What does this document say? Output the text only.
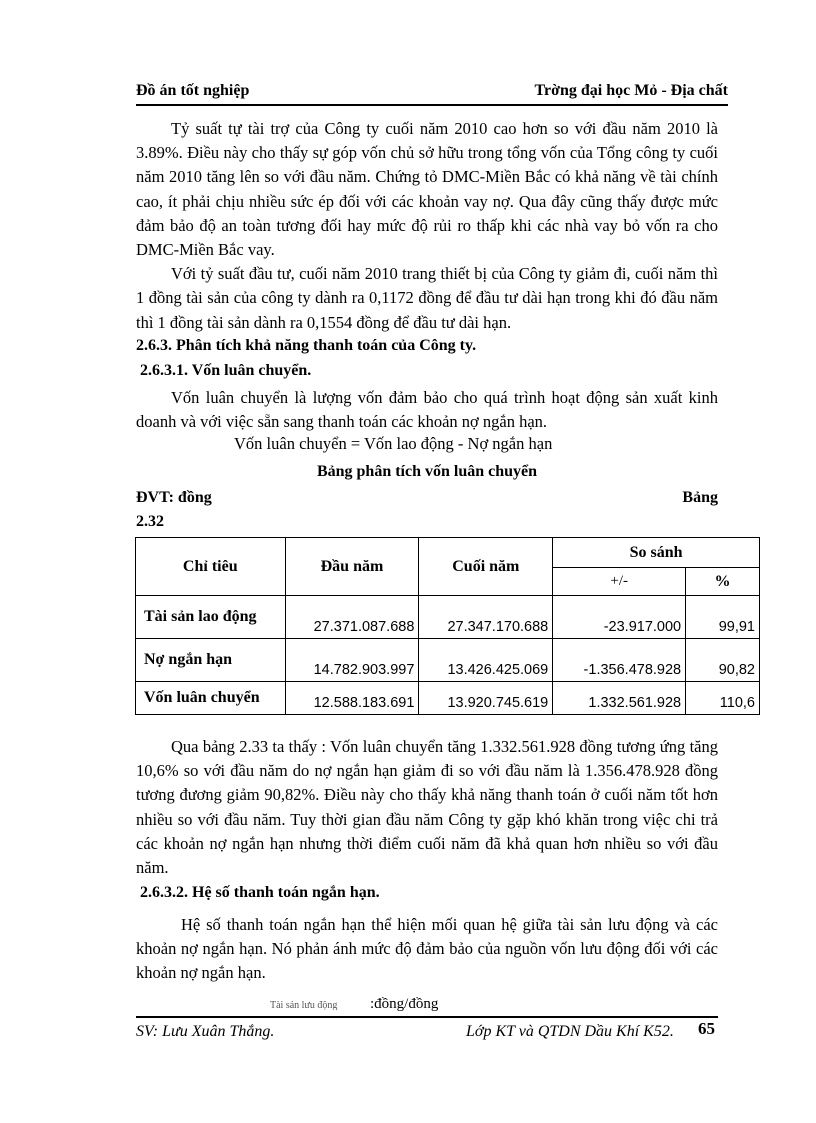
Đồ án tốt nghiệp	Trờng đại học Mỏ - Địa chất

Tỷ suất tự tài trợ của Công ty cuối năm 2010 cao hơn so với đầu năm 2010 là 3.89%. Điều này cho thấy sự góp vốn chủ sở hữu trong tổng vốn của Tổng công ty cuối năm 2010 tăng lên so với đầu năm. Chứng tỏ DMC-Miền Bắc có khả năng về tài chính cao, ít phải chịu nhiều sức ép đối với các khoản vay nợ. Qua đây cũng thấy được mức đảm bảo độ an toàn tương đối hay mức độ rủi ro thấp khi các nhà vay bỏ vốn ra cho DMC-Miền Bắc vay.

Với tỷ suất đầu tư, cuối năm 2010 trang thiết bị của Công ty giảm đi, cuối năm thì 1 đồng tài sản của công ty dành ra 0,1172 đồng để đầu tư dài hạn trong khi đó đầu năm thì 1 đồng tài sản dành ra 0,1554 đồng để đầu tư dài hạn.

2.6.3. Phân tích khả năng thanh toán của Công ty.
2.6.3.1. Vốn luân chuyển.

Vốn luân chuyển là lượng vốn đảm bảo cho quá trình hoạt động sản xuất kinh doanh và với việc sẵn sang thanh toán các khoản nợ ngắn hạn.

Vốn luân chuyển = Vốn lao động - Nợ ngắn hạn
Bảng phân tích vốn luân chuyển
ĐVT: đồng	Bảng
2.32
Chỉ tiêu	Đầu năm	Cuối năm	So sánh	
			+/-	%
Tài sản lao động	27.371.087.688	27.347.170.688	-23.917.000	99,91
Nợ ngắn hạn	14.782.903.997	13.426.425.069	-1.356.478.928	90,82
Vốn luân chuyển	12.588.183.691	13.920.745.619	1.332.561.928	110,6

Qua bảng 2.33 ta thấy : Vốn luân chuyển tăng 1.332.561.928 đồng tương ứng tăng 10,6% so với đầu năm do nợ ngắn hạn giảm đi so với đầu năm là 1.356.478.928 đồng tương đương giảm 90,82%. Điều này cho thấy khả năng thanh toán ở cuối năm tốt hơn nhiều so với đầu năm. Tuy thời gian đầu năm Công ty gặp khó khăn trong việc chi trả các khoản nợ ngắn hạn nhưng thời điểm cuối năm đã khả quan hơn nhiều so với đầu năm.

2.6.3.2. Hệ số thanh toán ngắn hạn.

Hệ số thanh toán ngắn hạn thể hiện mối quan hệ giữa tài sản lưu động và các khoản nợ ngắn hạn. Nó phản ánh mức độ đảm bảo của nguồn vốn lưu động đối với các khoản nợ ngắn hạn.

Tài sản lưu động :đồng/đồng
SV: Lưu Xuân Thắng.	Lớp KT và QTDN Dầu Khí K52. 65
